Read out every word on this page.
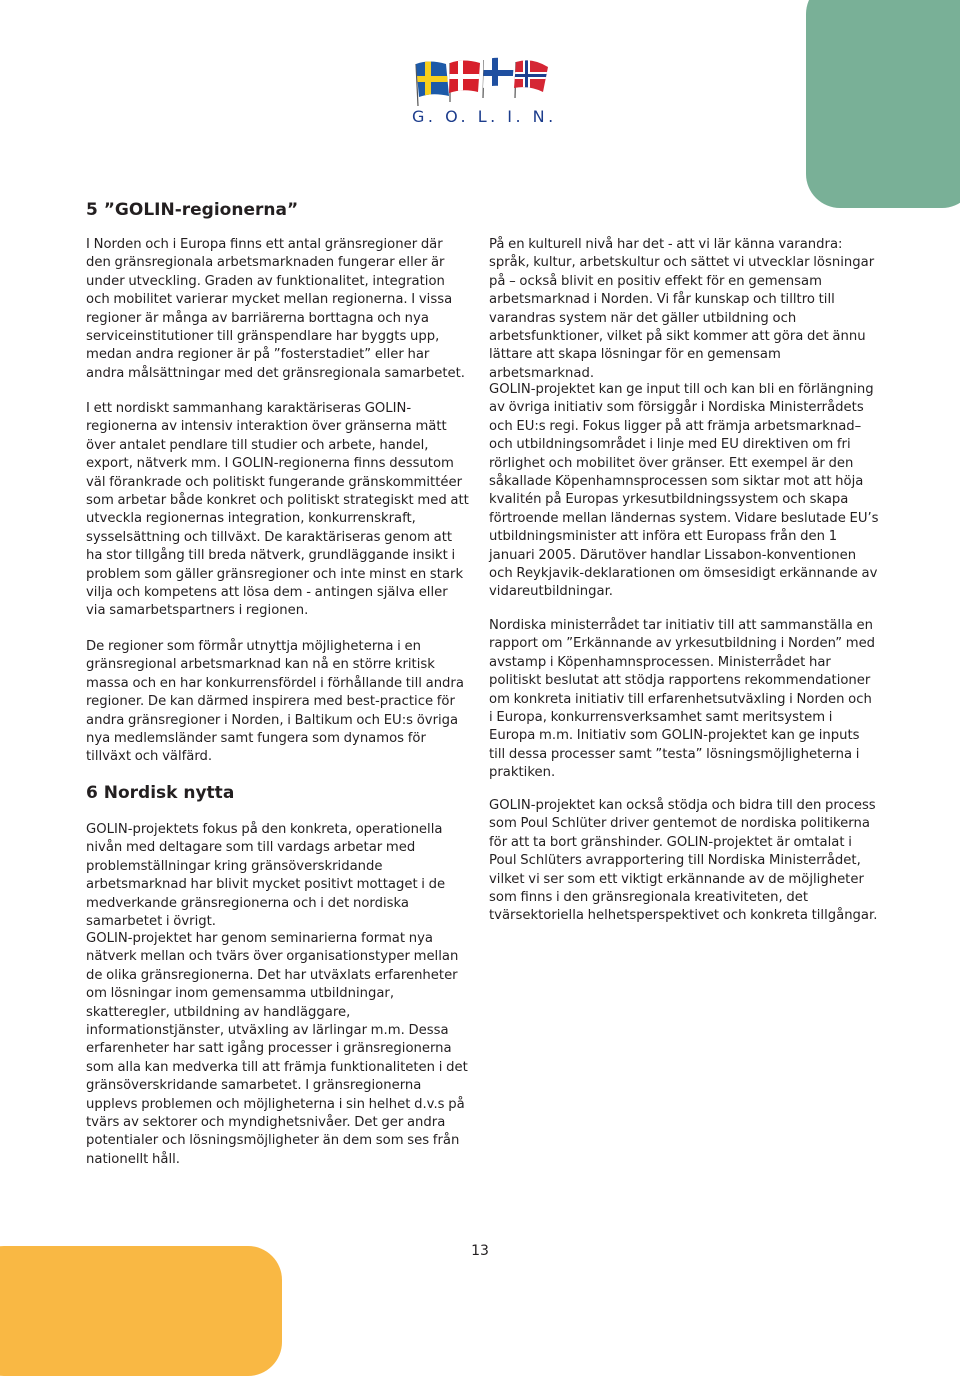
G. O. L. I. N.
5 ”GOLIN-regionerna”

I Norden och i Europa finns ett antal gränsregioner där den gränsregionala arbetsmarknaden fungerar eller är under utveckling. Graden av funktionalitet, integration och mobilitet varierar mycket mellan regionerna. I vissa regioner är många av barriärerna borttagna och nya serviceinstitutioner till gränspendlare har byggts upp, medan andra regioner är på ”fosterstadiet” eller har andra målsättningar med det gränsregionala samarbetet.

I ett nordiskt sammanhang karaktäriseras GOLIN-regionerna av intensiv interaktion över gränserna mätt över antalet pendlare till studier och arbete, handel, export, nätverk mm. I GOLIN-regionerna finns dessutom väl förankrade och politiskt fungerande gränskommittéer som arbetar både konkret och politiskt strategiskt med att utveckla regionernas integration, konkurrenskraft, sysselsättning och tillväxt. De karaktäriseras genom att ha stor tillgång till breda nätverk, grundläggande insikt i problem som gäller gränsregioner och inte minst en stark vilja och kompetens att lösa dem - antingen själva eller via samarbetspartners i regionen.

De regioner som förmår utnyttja möjligheterna i en gränsregional arbetsmarknad kan nå en större kritisk massa och en har konkurrensfördel i förhållande till andra regioner. De kan därmed inspirera med best-practice för andra gränsregioner i Norden, i Baltikum och EU:s övriga nya medlemsländer samt fungera som dynamos för tillväxt och välfärd.

6 Nordisk nytta

GOLIN-projektets fokus på den konkreta, operationella nivån med deltagare som till vardags arbetar med problemställningar kring gränsöverskridande arbetsmarknad har blivit mycket positivt mottaget i de medverkande gränsregionerna och i det nordiska samarbetet i övrigt.

GOLIN-projektet har genom seminarierna format nya nätverk mellan och tvärs över organisationstyper mellan de olika gränsregionerna. Det har utväxlats erfarenheter om lösningar inom gemensamma utbildningar, skatteregler, utbildning av handläggare, informationstjänster, utväxling av lärlingar m.m. Dessa erfarenheter har satt igång processer i gränsregionerna som alla kan medverka till att främja funktionaliteten i det gränsöverskridande samarbetet. I gränsregionerna upplevs problemen och möjligheterna i sin helhet d.v.s på tvärs av sektorer och myndighetsnivåer. Det ger andra potentialer och lösningsmöjligheter än dem som ses från nationellt håll.

På en kulturell nivå har det - att vi lär känna varandra: språk, kultur, arbetskultur och sättet vi utvecklar lösningar på – också blivit en positiv effekt för en gemensam arbetsmarknad i Norden. Vi får kunskap och tilltro till varandras system när det gäller utbildning och arbetsfunktioner, vilket på sikt kommer att göra det ännu lättare att skapa lösningar för en gemensam arbetsmarknad.

GOLIN-projektet kan ge input till och kan bli en förlängning av övriga initiativ som försiggår i Nordiska Ministerrådets och EU:s regi. Fokus ligger på att främja arbetsmarknad– och utbildningsområdet i linje med EU direktiven om fri rörlighet och mobilitet över gränser. Ett exempel är den såkallade Köpenhamnsprocessen som siktar mot att höja kvalitén på Europas yrkesutbildningssystem och skapa förtroende mellan ländernas system. Vidare beslutade EU’s utbildningsminister att införa ett Europass från den 1 januari 2005. Därutöver handlar Lissabon-konventionen och Reykjavik-deklarationen om ömsesidigt erkännande av vidareutbildningar.

Nordiska ministerrådet tar initiativ till att sammanställa en rapport om ”Erkännande av yrkesutbildning i Norden” med avstamp i Köpenhamnsprocessen. Ministerrådet har politiskt beslutat att stödja rapportens rekommendationer om konkreta initiativ till erfarenhetsutväxling i Norden och i Europa, konkurrensverksamhet samt meritsystem i Europa m.m. Initiativ som GOLIN-projektet kan ge inputs till dessa processer samt ”testa” lösningsmöjligheterna i praktiken.

GOLIN-projektet kan också stödja och bidra till den process som Poul Schlüter driver gentemot de nordiska politikerna för att ta bort gränshinder. GOLIN-projektet är omtalat i Poul Schlüters avrapportering till Nordiska Ministerrådet, vilket vi ser som ett viktigt erkännande av de möjligheter som finns i den gränsregionala kreativiteten, det tvärsektoriella helhetsperspektivet och konkreta tillgångar.

13
